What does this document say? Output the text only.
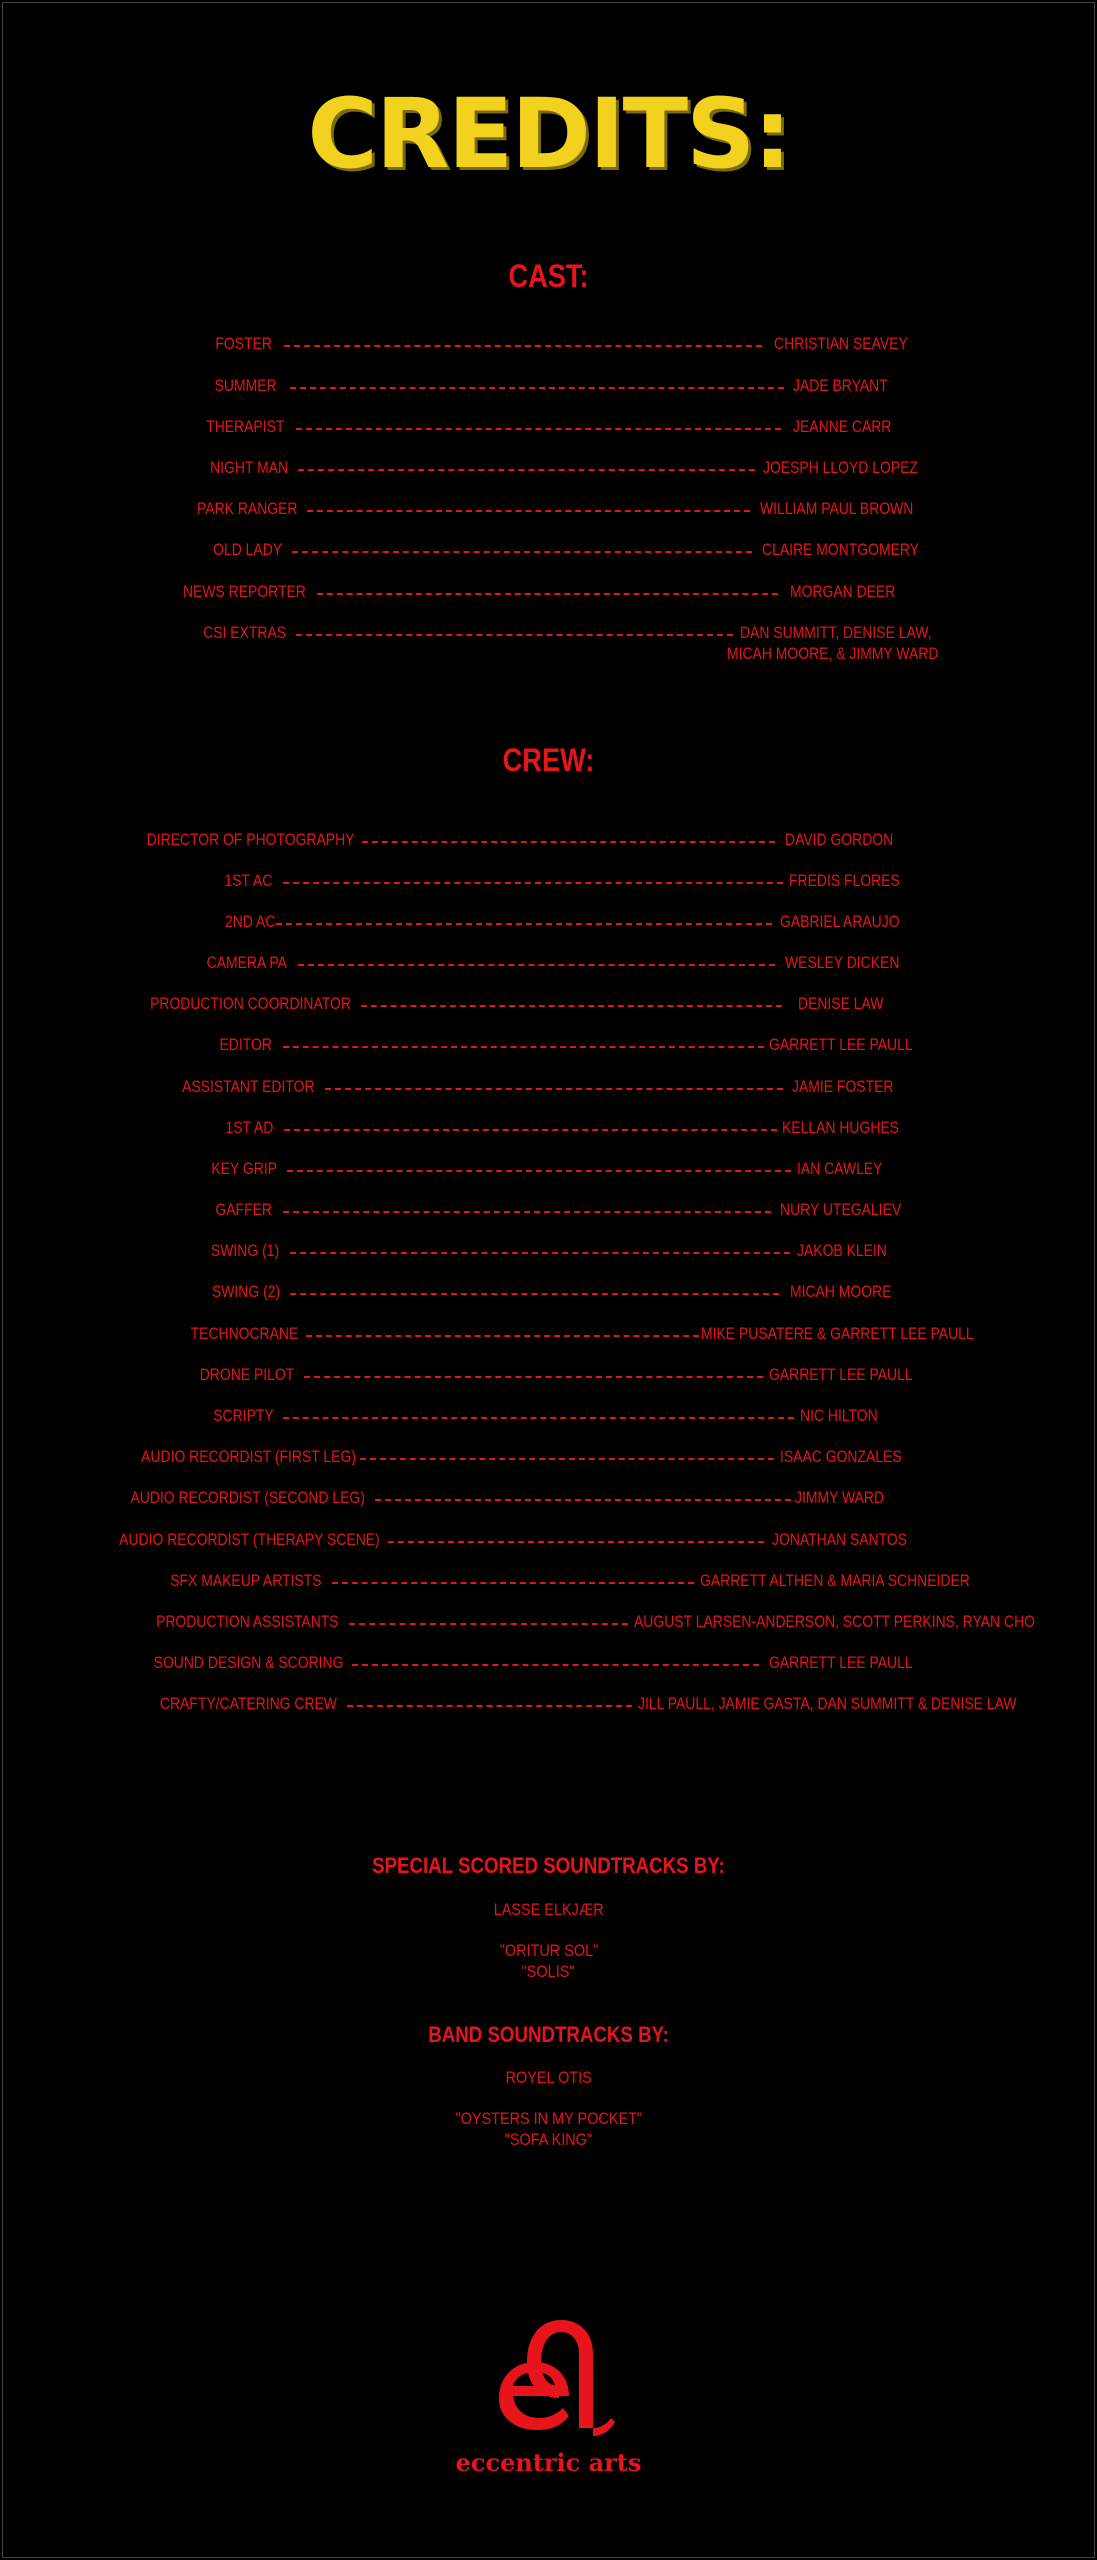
CREDITS:
CAST:
FOSTER	CHRISTIAN SEAVEY
SUMMER	JADE BRYANT
THERAPIST	JEANNE CARR
NIGHT MAN	JOESPH LLOYD LOPEZ
PARK RANGER	WILLIAM PAUL BROWN
OLD LADY	CLAIRE MONTGOMERY
NEWS REPORTER	MORGAN DEER
CSI EXTRAS	DAN SUMMITT, DENISE LAW,
MICAH MOORE, & JIMMY WARD
CREW:
DIRECTOR OF PHOTOGRAPHY	DAVID GORDON
1ST AC	FREDIS FLORES
2ND AC	GABRIEL ARAUJO
CAMERA PA	WESLEY DICKEN
PRODUCTION COORDINATOR	DENISE LAW
EDITOR	GARRETT LEE PAULL
ASSISTANT EDITOR	JAMIE FOSTER
1ST AD	KELLAN HUGHES
KEY GRIP	IAN CAWLEY
GAFFER	NURY UTEGALIEV
SWING (1)	JAKOB KLEIN
SWING (2)	MICAH MOORE
TECHNOCRANE	MIKE PUSATERE & GARRETT LEE PAULL
DRONE PILOT	GARRETT LEE PAULL
SCRIPTY	NIC HILTON
AUDIO RECORDIST (FIRST LEG)	ISAAC GONZALES
AUDIO RECORDIST (SECOND LEG)	JIMMY WARD
AUDIO RECORDIST (THERAPY SCENE)	JONATHAN SANTOS
SFX MAKEUP ARTISTS	GARRETT ALTHEN & MARIA SCHNEIDER
PRODUCTION ASSISTANTS	AUGUST LARSEN-ANDERSON, SCOTT PERKINS, RYAN CHO
SOUND DESIGN & SCORING	GARRETT LEE PAULL
CRAFTY/CATERING CREW	JILL PAULL, JAMIE GASTA, DAN SUMMITT & DENISE LAW
SPECIAL SCORED SOUNDTRACKS BY:
LASSE ELKJÆR
"ORITUR SOL"
"SOLIS"
BAND SOUNDTRACKS BY:
ROYEL OTIS
"OYSTERS IN MY POCKET"
"SOFA KING"
eccentric arts
